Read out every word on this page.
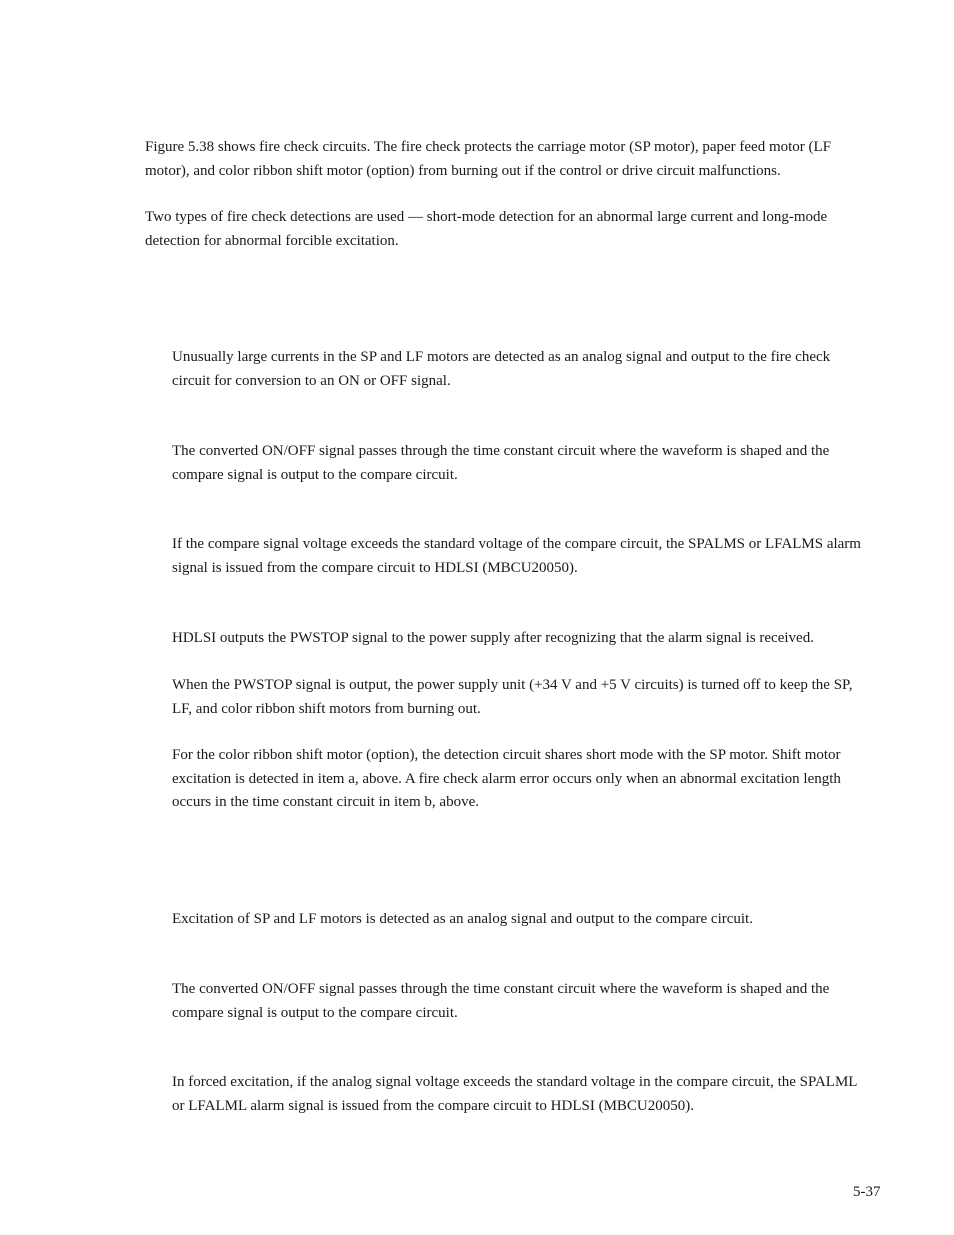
Figure 5.38 shows fire check circuits. The fire check protects the carriage motor (SP motor), paper feed motor (LF motor), and color ribbon shift motor (option) from burning out if the control or drive circuit malfunctions.

Two types of fire check detections are used — short-mode detection for an abnormal large current and long-mode detection for abnormal forcible excitation.

Unusually large currents in the SP and LF motors are detected as an analog signal and output to the fire check circuit for conversion to an ON or OFF signal.

The converted ON/OFF signal passes through the time constant circuit where the waveform is shaped and the compare signal is output to the compare circuit.

If the compare signal voltage exceeds the standard voltage of the compare circuit, the SPALMS or LFALMS alarm signal is issued from the compare circuit to HDLSI (MBCU20050).

HDLSI outputs the PWSTOP signal to the power supply after recognizing that the alarm signal is received.

When the PWSTOP signal is output, the power supply unit (+34 V and +5 V circuits) is turned off to keep the SP, LF, and color ribbon shift motors from burning out.

For the color ribbon shift motor (option), the detection circuit shares short mode with the SP motor. Shift motor excitation is detected in item a, above. A fire check alarm error occurs only when an abnormal excitation length occurs in the time constant circuit in item b, above.

Excitation of SP and LF motors is detected as an analog signal and output to the compare circuit.

The converted ON/OFF signal passes through the time constant circuit where the waveform is shaped and the compare signal is output to the compare circuit.

In forced excitation, if the analog signal voltage exceeds the standard voltage in the compare circuit, the SPALML or LFALML alarm signal is issued from the compare circuit to HDLSI (MBCU20050).

5-37
